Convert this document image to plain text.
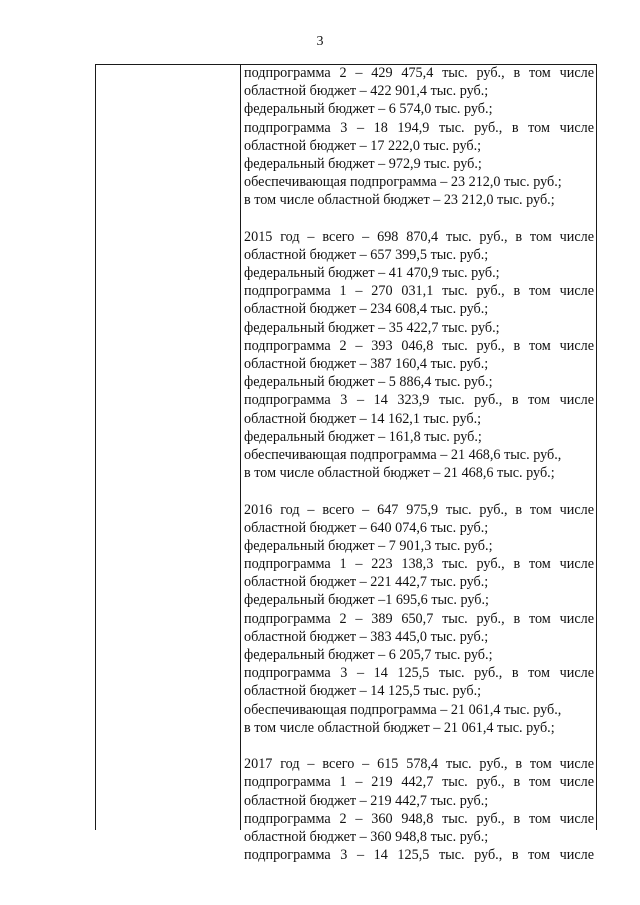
3
подпрограмма 2 – 429 475,4 тыс. руб., в том числе
областной бюджет – 422 901,4 тыс. руб.;
федеральный бюджет – 6 574,0 тыс. руб.;
подпрограмма 3 – 18 194,9 тыс. руб., в том числе
областной бюджет – 17 222,0 тыс. руб.;
федеральный бюджет – 972,9 тыс. руб.;
обеспечивающая подпрограмма – 23 212,0 тыс. руб.;
в том числе областной бюджет – 23 212,0 тыс. руб.;
2015 год – всего – 698 870,4 тыс. руб., в том числе
областной бюджет – 657 399,5 тыс. руб.;
федеральный бюджет – 41 470,9 тыс. руб.;
подпрограмма 1 – 270 031,1 тыс. руб., в том числе
областной бюджет – 234 608,4 тыс. руб.;
федеральный бюджет – 35 422,7 тыс. руб.;
подпрограмма 2 – 393 046,8 тыс. руб., в том числе
областной бюджет – 387 160,4 тыс. руб.;
федеральный бюджет – 5 886,4 тыс. руб.;
подпрограмма 3 – 14 323,9 тыс. руб., в том числе
областной бюджет – 14 162,1 тыс. руб.;
федеральный бюджет – 161,8 тыс. руб.;
обеспечивающая подпрограмма – 21 468,6 тыс. руб.,
в том числе областной бюджет – 21 468,6 тыс. руб.;
2016 год – всего – 647 975,9 тыс. руб., в том числе
областной бюджет – 640 074,6 тыс. руб.;
федеральный бюджет – 7 901,3 тыс. руб.;
подпрограмма 1 – 223 138,3 тыс. руб., в том числе
областной бюджет – 221 442,7 тыс. руб.;
федеральный бюджет –1 695,6 тыс. руб.;
подпрограмма 2 – 389 650,7 тыс. руб., в том числе
областной бюджет – 383 445,0 тыс. руб.;
федеральный бюджет – 6 205,7 тыс. руб.;
подпрограмма 3 – 14 125,5 тыс. руб., в том числе
областной бюджет – 14 125,5 тыс. руб.;
обеспечивающая подпрограмма – 21 061,4 тыс. руб.,
в том числе областной бюджет – 21 061,4 тыс. руб.;
2017 год – всего – 615 578,4 тыс. руб., в том числе
подпрограмма 1 – 219 442,7 тыс. руб., в том числе
областной бюджет – 219 442,7 тыс. руб.;
подпрограмма 2 – 360 948,8 тыс. руб., в том числе
областной бюджет – 360 948,8 тыс. руб.;
подпрограмма 3 – 14 125,5 тыс. руб., в том числе
